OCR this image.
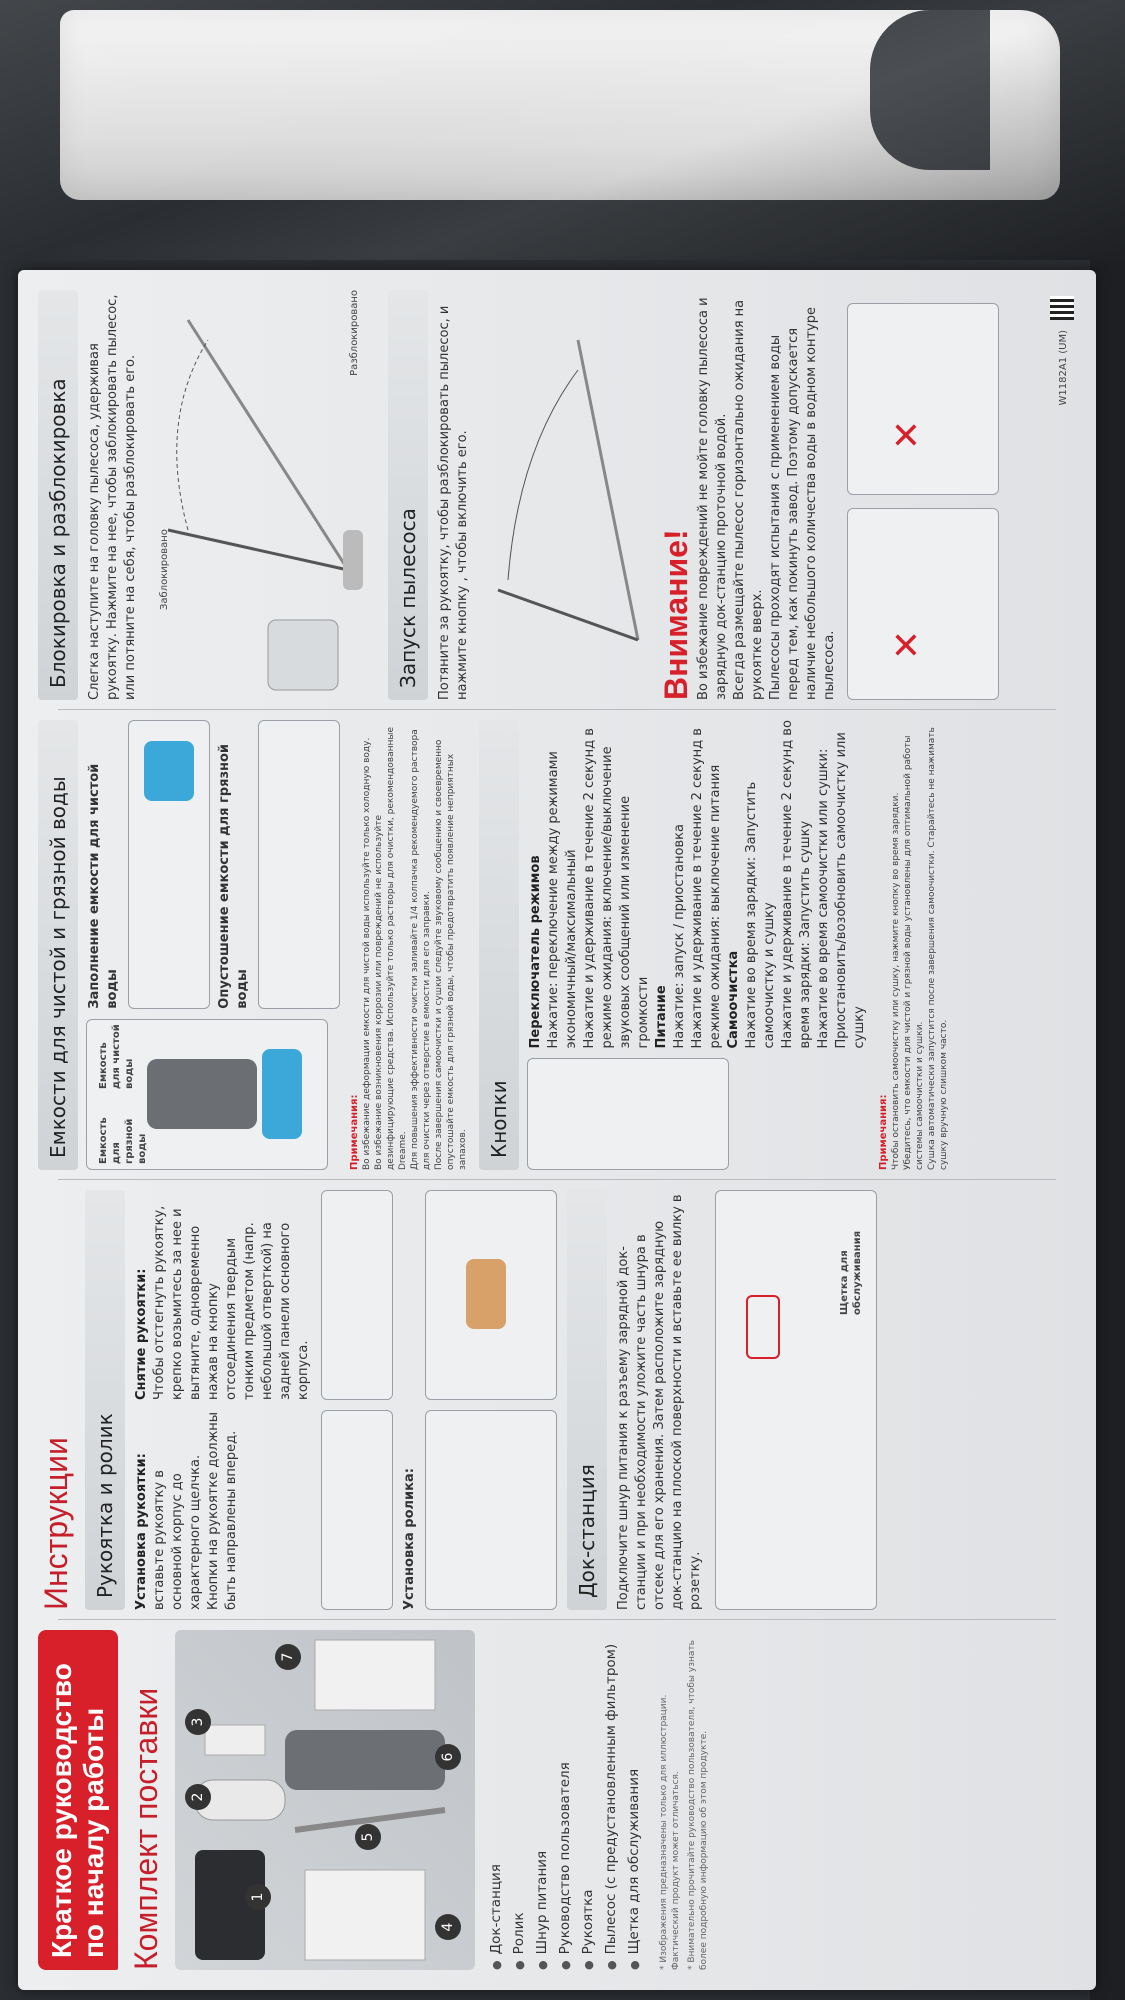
Краткое руководство по началу работы Комплект поставки	1
2
3
4
5
6
7
● Док-станция ● Ролик ● Шнур питания ● Руководство пользователя ● Рукоятка ● Пылесос (с предустановленным фильтром) ● Щетка для обслуживания	* Изображения предназначены только для иллюстрации. Фактический продукт может отличаться. * Внимательно прочитайте руководство пользователя, чтобы узнать более подробную информацию об этом продукте.
Инструкции Рукоятка и ролик	Установка рукоятки: вставьте рукоятку в основной корпус до характерного щелчка. Кнопки на рукоятке должны быть направлены вперед.
Снятие рукоятки: Чтобы отстегнуть рукоятку, крепко возьмитесь за нее и вытяните, одновременно нажав на кнопку отсоединения твердым тонким предметом (напр. небольшой отверткой) на задней панели основного корпуса.
Установка ролика:	Док-станция	Подключите шнур питания к разъему зарядной док-станции и при необходимости уложите часть шнура в отсеке для его хранения. Затем расположите зарядную док-станцию на плоской поверхности и вставьте ее вилку в розетку.
Щетка для обслуживания
Емкости для чистой и грязной воды	Емкость для грязной воды
Емкость для чистой воды
Заполнение емкости для чистой воды	Опустошение емкости для грязной воды
Примечания: Во избежание деформации емкости для чистой воды используйте только холодную воду. Во избежание возникновения коррозии или повреждений не используйте дезинфицирующие средства. Используйте только растворы для очистки, рекомендованные Dreame. Для повышения эффективности очистки заливайте 1/4 колпачка рекомендуемого раствора для очистки через отверстие в емкости для его заправки. После завершения самоочистки и сушки следуйте звуковому сообщению и своевременно опустошайте емкость для грязной воды, чтобы предотвратить появление неприятных запахов. Кнопки
Переключатель режимов Нажатие: переключение между режимами экономичный/максимальный Нажатие и удерживание в течение 2 секунд в режиме ожидания: включение/выключение звуковых сообщений или изменение громкости Питание Нажатие: запуск / приостановка Нажатие и удерживание в течение 2 секунд в режиме ожидания: выключение питания Самоочистка Нажатие во время зарядки: Запустить самоочистку и сушку Нажатие и удерживание в течение 2 секунд во время зарядки: Запустить сушку Нажатие во время самоочистки или сушки: Приостановить/возобновить самоочистку или сушку
Примечания: Чтобы остановить самоочистку или сушку, нажмите кнопку во время зарядки. Убедитесь, что емкости для чистой и грязной воды установлены для оптимальной работы системы самоочистки и сушки. Сушка автоматически запустится после завершения самоочистки. Старайтесь не нажимать сушку вручную слишком часто.
Блокировка и разблокировка	Слегка наступите на головку пылесоса, удерживая рукоятку. Нажмите на нее, чтобы заблокировать пылесос, или потяните на себя, чтобы разблокировать его. Заблокировано
Разблокировано
Запуск пылесоса	Потяните за рукоятку, чтобы разблокировать пылесос, и нажмите кнопку , чтобы включить его.	Внимание! Во избежание повреждений не мойте головку пылесоса и зарядную док-станцию проточной водой. Всегда размещайте пылесос горизонтально ожидания на рукоятке вверх. Пылесосы проходят испытания с применением воды перед тем, как покинуть завод. Поэтому допускается наличие небольшого количества воды в водном контуре пылесоса. ✕
✕
W1182A1 (UM)
